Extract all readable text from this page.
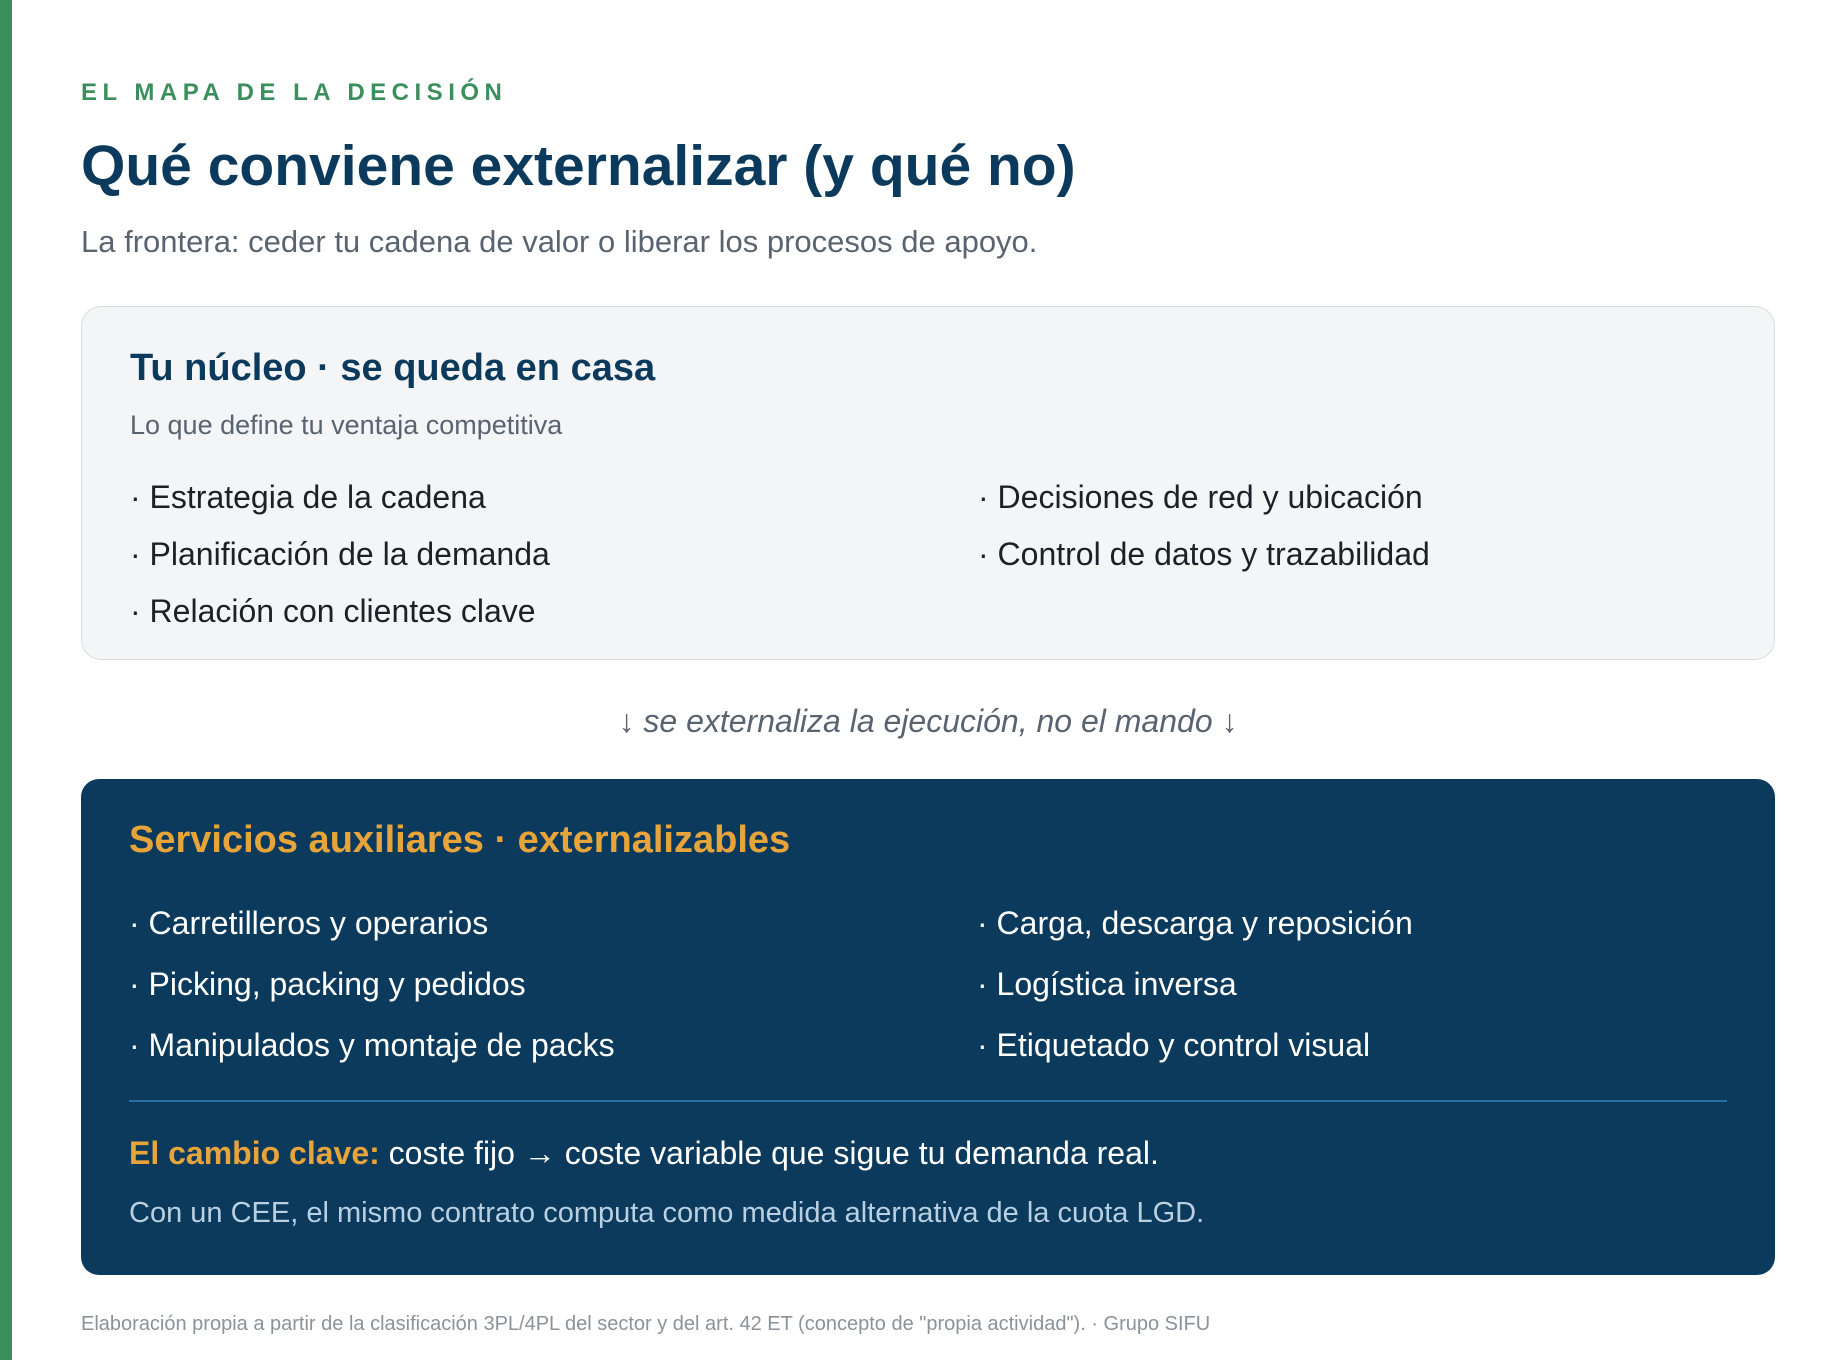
EL MAPA DE LA DECISIÓN
Qué conviene externalizar (y qué no)
La frontera: ceder tu cadena de valor o liberar los procesos de apoyo.
Tu núcleo · se queda en casa
Lo que define tu ventaja competitiva
· Estrategia de la cadena	· Decisiones de red y ubicación
· Planificación de la demanda	· Control de datos y trazabilidad
· Relación con clientes clave
↓ se externaliza la ejecución, no el mando ↓
Servicios auxiliares · externalizables
· Carretilleros y operarios	· Carga, descarga y reposición
· Picking, packing y pedidos	· Logística inversa
· Manipulados y montaje de packs	· Etiquetado y control visual
El cambio clave: coste fijo → coste variable que sigue tu demanda real.
Con un CEE, el mismo contrato computa como medida alternativa de la cuota LGD.
Elaboración propia a partir de la clasificación 3PL/4PL del sector y del art. 42 ET (concepto de "propia actividad"). · Grupo SIFU
